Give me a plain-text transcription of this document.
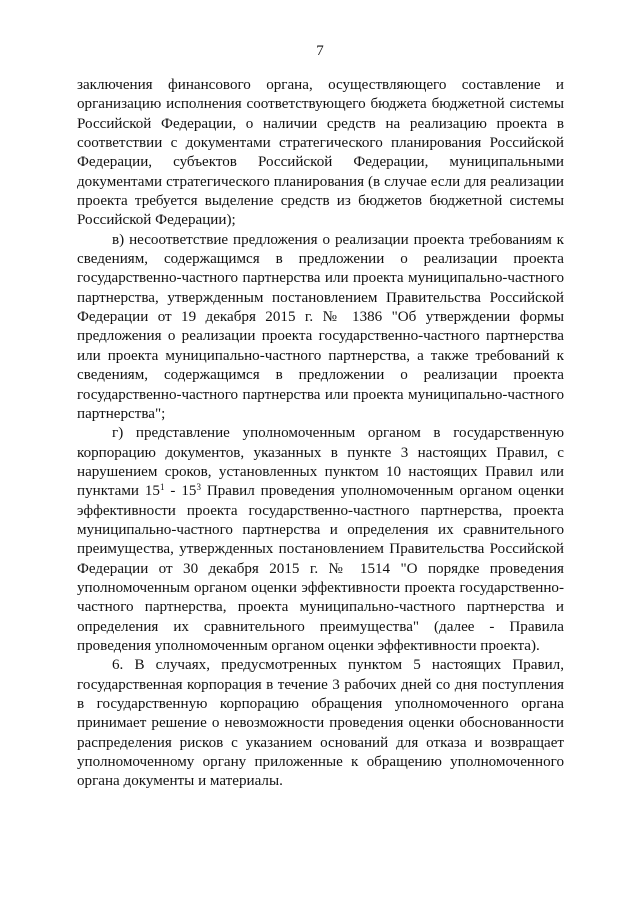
7

заключения финансового органа, осуществляющего составление и организацию исполнения соответствующего бюджета бюджетной системы Российской Федерации, о наличии средств на реализацию проекта в соответствии с документами стратегического планирования Российской Федерации, субъектов Российской Федерации, муниципальными документами стратегического планирования (в случае если для реализации проекта требуется выделение средств из бюджетов бюджетной системы Российской Федерации);

в) несоответствие предложения о реализации проекта требованиям к сведениям, содержащимся в предложении о реализации проекта государственно-частного партнерства или проекта муниципально-частного партнерства, утвержденным постановлением Правительства Российской Федерации от 19 декабря 2015 г. № 1386 "Об утверждении формы предложения о реализации проекта государственно-частного партнерства или проекта муниципально-частного партнерства, а также требований к сведениям, содержащимся в предложении о реализации проекта государственно-частного партнерства или проекта муниципально-частного партнерства";

г) представление уполномоченным органом в государственную корпорацию документов, указанных в пункте 3 настоящих Правил, с нарушением сроков, установленных пунктом 10 настоящих Правил или пунктами $15^1 - 15^3$ Правил проведения уполномоченным органом оценки эффективности проекта государственно-частного партнерства, проекта муниципально-частного партнерства и определения их сравнительного преимущества, утвержденных постановлением Правительства Российской Федерации от 30 декабря 2015 г. № 1514 "О порядке проведения уполномоченным органом оценки эффективности проекта государственно-частного партнерства, проекта муниципально-частного партнерства и определения их сравнительного преимущества" (далее - Правила проведения уполномоченным органом оценки эффективности проекта).

6. В случаях, предусмотренных пунктом 5 настоящих Правил, государственная корпорация в течение 3 рабочих дней со дня поступления в государственную корпорацию обращения уполномоченного органа принимает решение о невозможности проведения оценки обоснованности распределения рисков с указанием оснований для отказа и возвращает уполномоченному органу приложенные к обращению уполномоченного органа документы и материалы.
